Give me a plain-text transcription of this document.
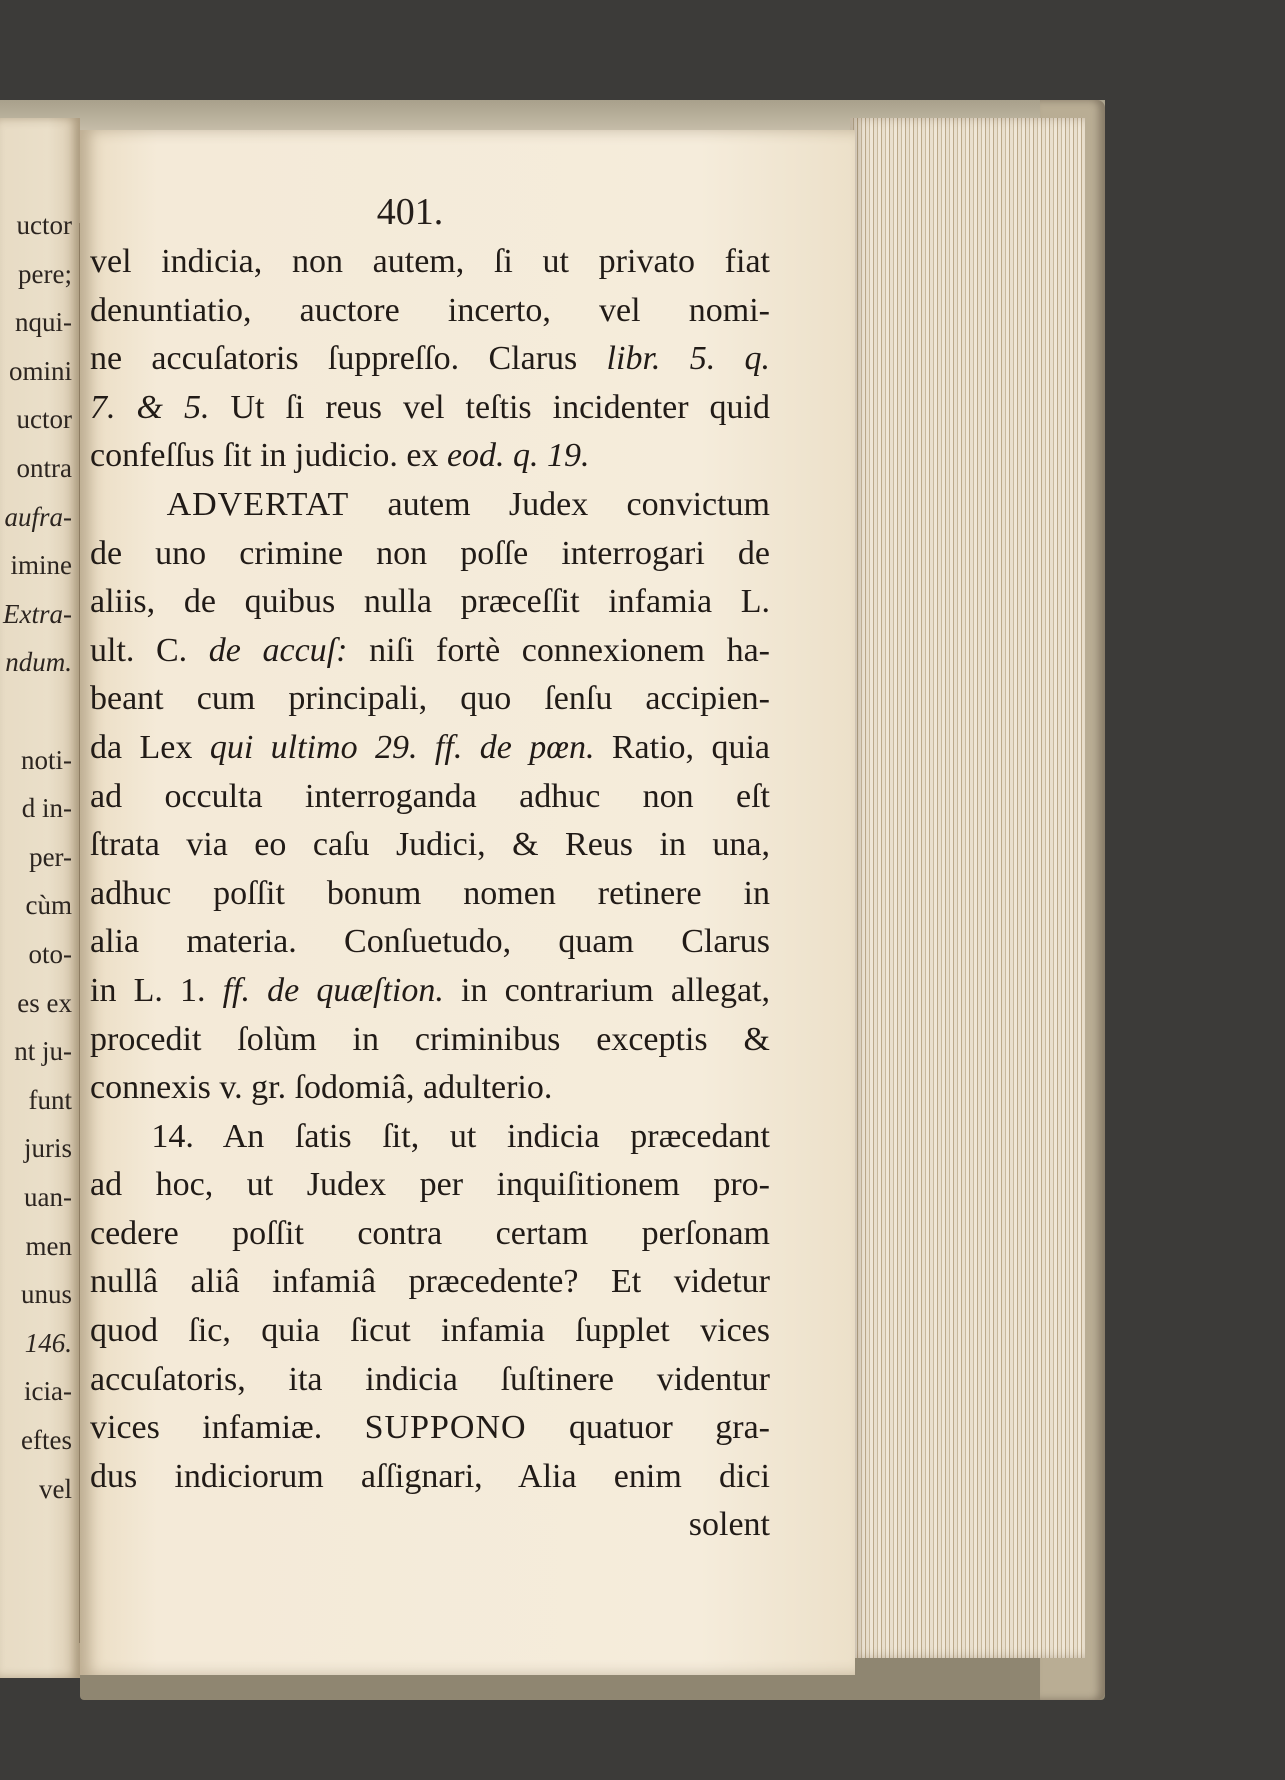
uctor
pere;
nqui-
omini
uctor
ontra
aufra-
imine
Extra-
ndum.
noti-
d in-
per-
cùm
oto-
es ex
nt ju-
funt
juris
uan-
men
unus
146.
icia-
eftes
vel
401.
vel indicia, non autem, ſi ut privato fiat
denuntiatio, auctore incerto, vel nomi-
ne accuſatoris ſuppreſſo. Clarus libr. 5. q.
7. & 5. Ut ſi reus vel teſtis incidenter quid
confeſſus ſit in judicio. ex eod. q. 19.
ADVERTAT autem Judex convictum
de uno crimine non poſſe interrogari de
aliis, de quibus nulla præceſſit infamia L.
ult. C. de accuſ: niſi fortè connexionem ha-
beant cum principali, quo ſenſu accipien-
da Lex qui ultimo 29. ff. de pœn. Ratio, quia
ad occulta interroganda adhuc non eſt
ſtrata via eo caſu Judici, & Reus in una,
adhuc poſſit bonum nomen retinere in
alia materia. Conſuetudo, quam Clarus
in L. 1. ff. de quæſtion. in contrarium allegat,
procedit ſolùm in criminibus exceptis &
connexis v. gr. ſodomiâ, adulterio.
14. An ſatis ſit, ut indicia præcedant
ad hoc, ut Judex per inquiſitionem pro-
cedere poſſit contra certam perſonam
nullâ aliâ infamiâ præcedente? Et videtur
quod ſic, quia ſicut infamia ſupplet vices
accuſatoris, ita indicia ſuſtinere videntur
vices infamiæ. SUPPONO quatuor gra-
dus indiciorum aſſignari, Alia enim dici
solent
